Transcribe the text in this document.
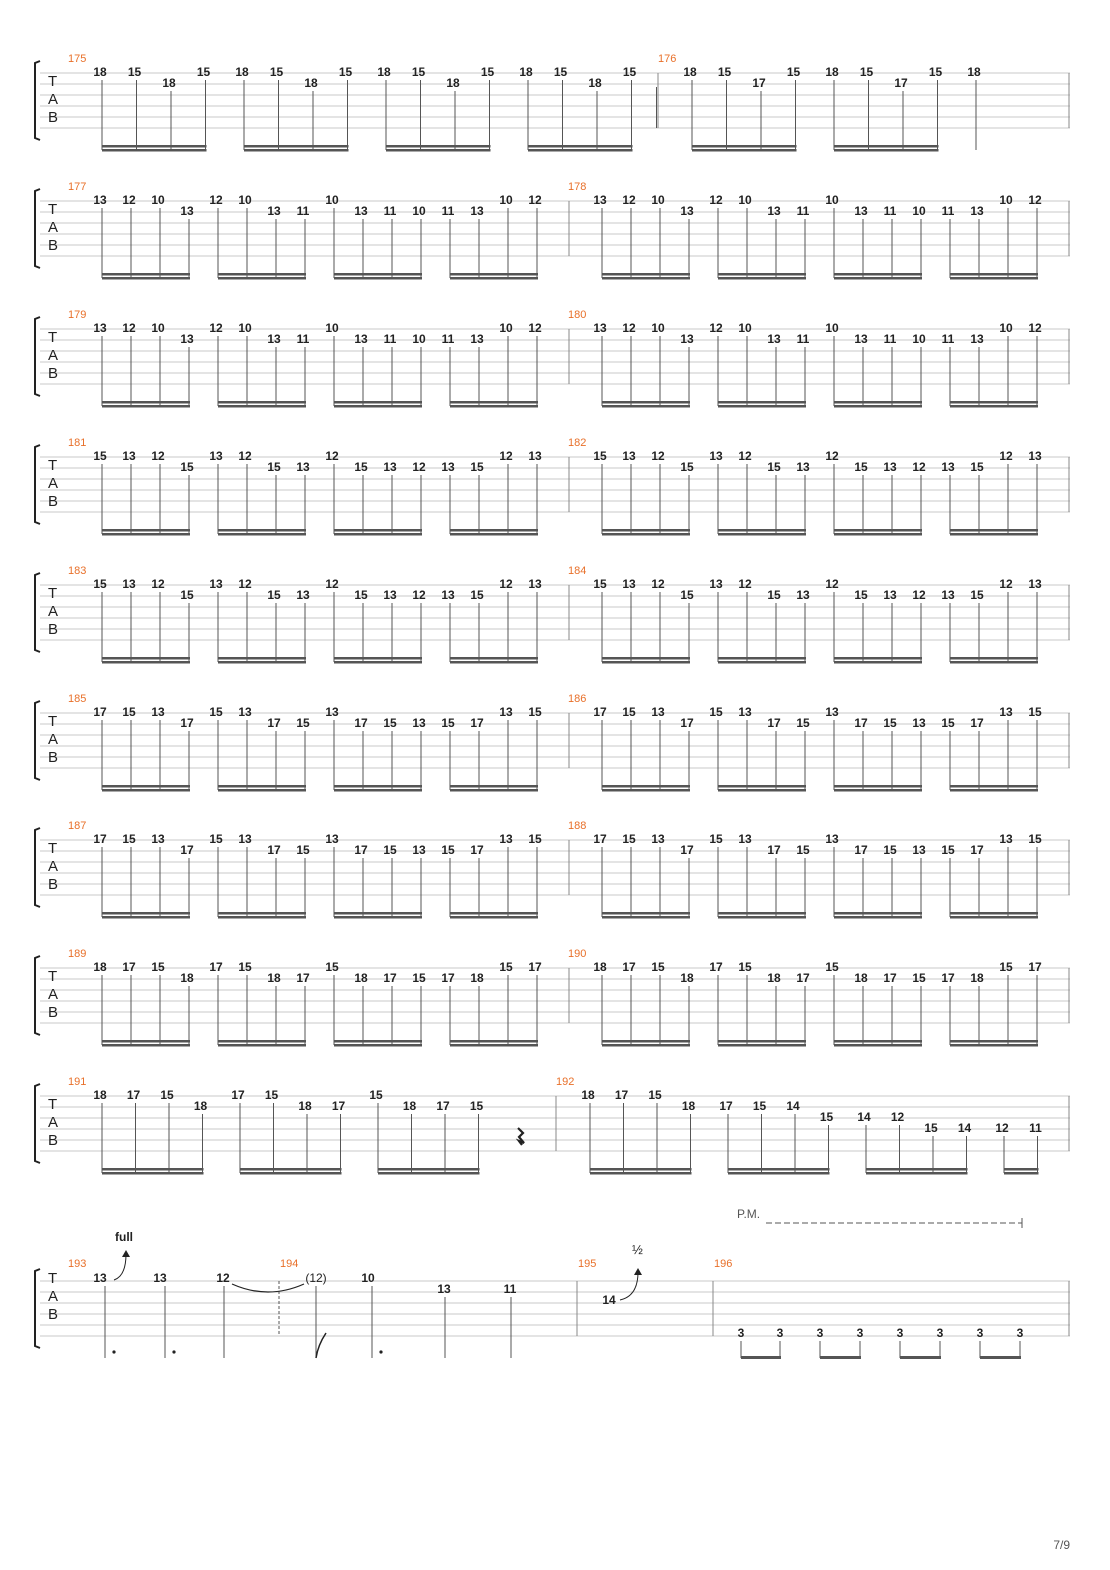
T
A
B
175
18 15
18
15 18 15
18
15 18 15
18
15 18 15
18
15
176
18 15
17
15 18 15
17
15 18
T
A
B
177
13 12 10
13
12 10
13 11
10
13 11 10 11 13
10 12
178
13 12 10
13
12 10
13 11
10
13 11 10 11 13
10 12
T
A
B
179
13 12 10
13
12 10
13 11
10
13 11 10 11 13
10 12
180
13 12 10
13
12 10
13 11
10
13 11 10 11 13
10 12
T
A
B
181
15 13 12
15
13 12
15 13
12
15 13 12 13 15
12 13
182
15 13 12
15
13 12
15 13
12
15 13 12 13 15
12 13
T
A
B
183
15 13 12
15
13 12
15 13
12
15 13 12 13 15
12 13
184
15 13 12
15
13 12
15 13
12
15 13 12 13 15
12 13
T
A
B
185
17 15 13
17
15 13
17 15
13
17 15 13 15 17
13 15
186
17 15 13
17
15 13
17 15
13
17 15 13 15 17
13 15
T
A
B
187
17 15 13
17
15 13
17 15
13
17 15 13 15 17
13 15
188
17 15 13
17
15 13
17 15
13
17 15 13 15 17
13 15
T
A
B
189
18 17 15
18
17 15
18 17
15
18 17 15 17 18
15 17
190
18 17 15
18
17 15
18 17
15
18 17 15 17 18
15 17
T
A
B
191
18 17 15
18
17 15
18 17
15
18 17 15
192
18 17 15
18 17 15 14
15 14 12
15 14 12 11
T
A
B
P.M.
193	194	195	196
full
½
13	13	12	(12)	10
13	11
14
3	3	3	3	3	3	3	3
7/9
